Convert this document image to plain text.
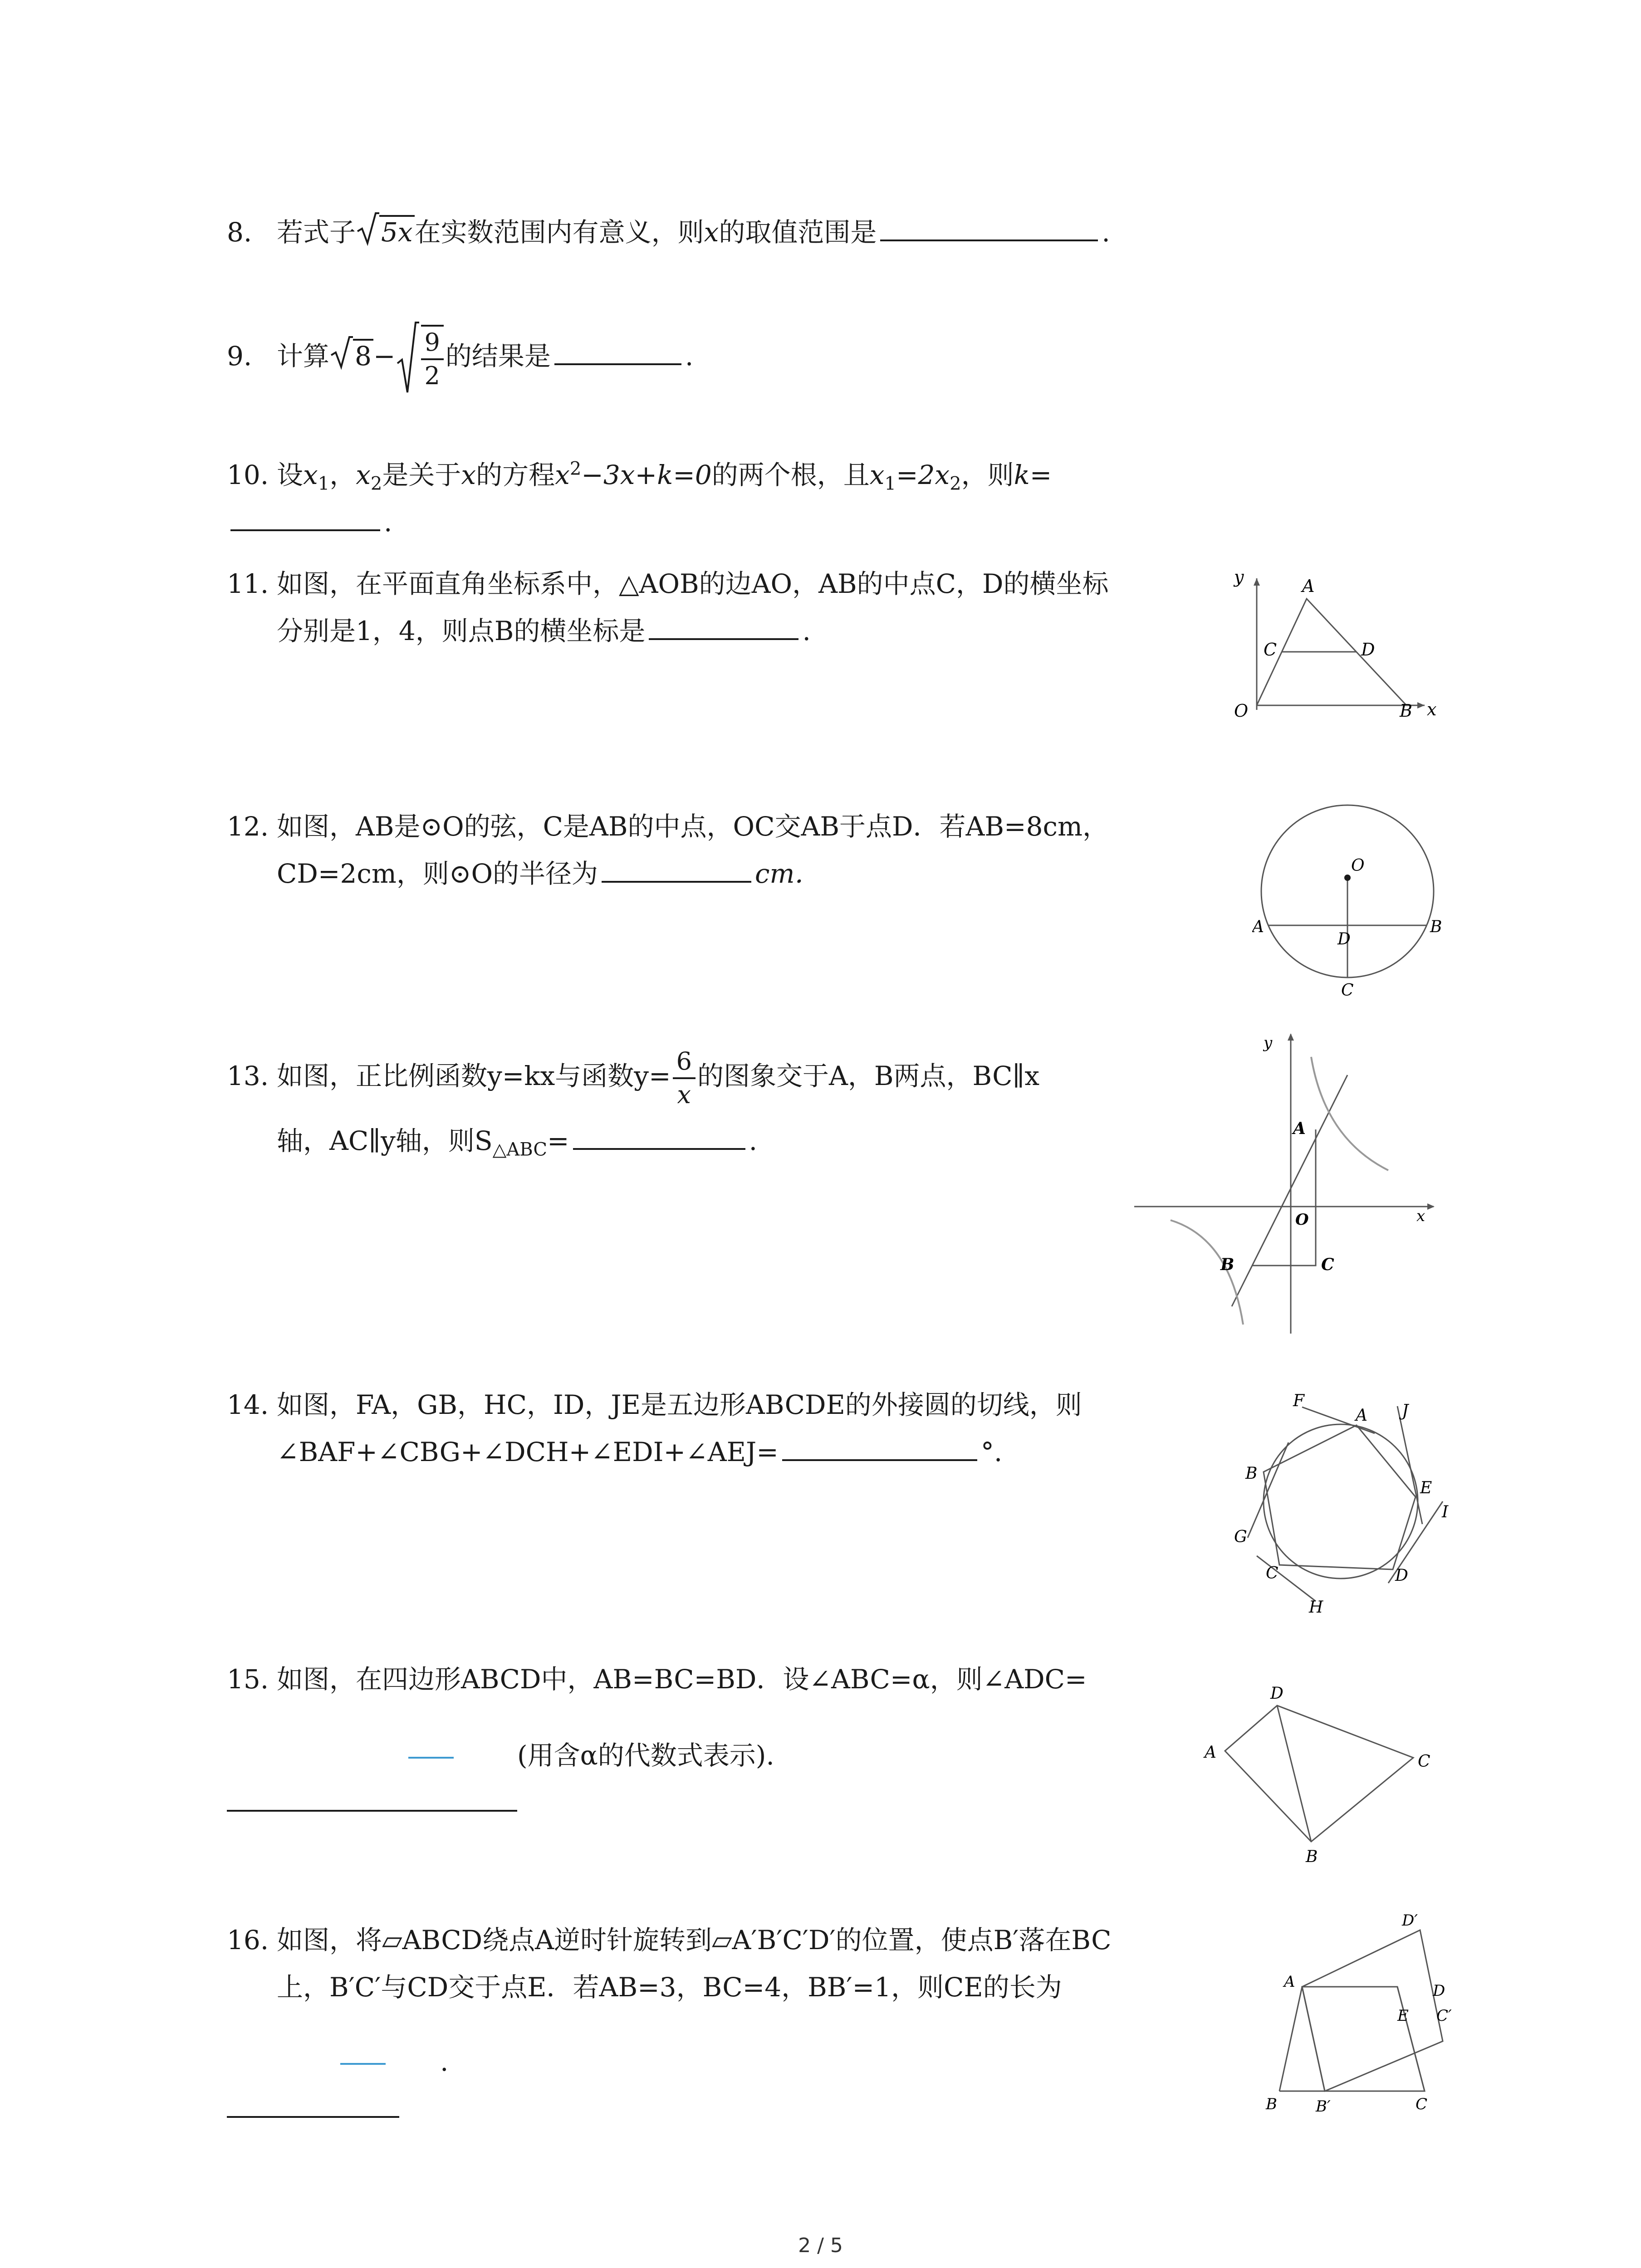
8. 若式子 5x在实数范围内有意义，则x的取值范围是	.
9. 计算 $8- \frac{9}{2}$ 的结果是	.
10. 设$x_1$，$x_2$是关于x的方程$x^2-3x+k=0$的两个根，且$x_1=2x_2$，则k=.
11. 如图，在平面直角坐标系中，△AOB的边AO，AB的中点C，D的横坐标
分别是1，4，则点B的横坐标是	.
y
x
O
A
B
C	D
12. 如图，AB是⊙O的弦，C是AB的中点，OC交AB于点D．若AB=8cm，
CD=2cm，则⊙O的半径为	cm．	O
A	B
D
C
13. 如图，正比例函数y=kx与函数$y= \frac{6}{x}$ 的图象交于A，B两点，BC∥x
轴，AC∥y轴，则$S_{\triangle ABC}=$	.
y
x
O
A
B	C
14. 如图，FA，GB，HC，ID，JE是五边形ABCDE的外接圆的切线，则
∠BAF+∠CBG+∠DCH+∠EDI+∠AEJ=	°.
F
A J
B
E
I
G
C	D
H
15. 如图，在四边形ABCD中，AB=BC=BD．设∠ABC=α，则∠ADC=
(用含α的代数式表示).
D
A	C
B
16. 如图，将▱ABCD绕点A逆时针旋转到▱A′B′C′D′的位置，使点B′落在BC
上，B′C′与CD交于点E．若AB=3，BC=4，BB′=1，则CE的长为
.
D′
A	D
E C′
B	B′	C
2 / 5
